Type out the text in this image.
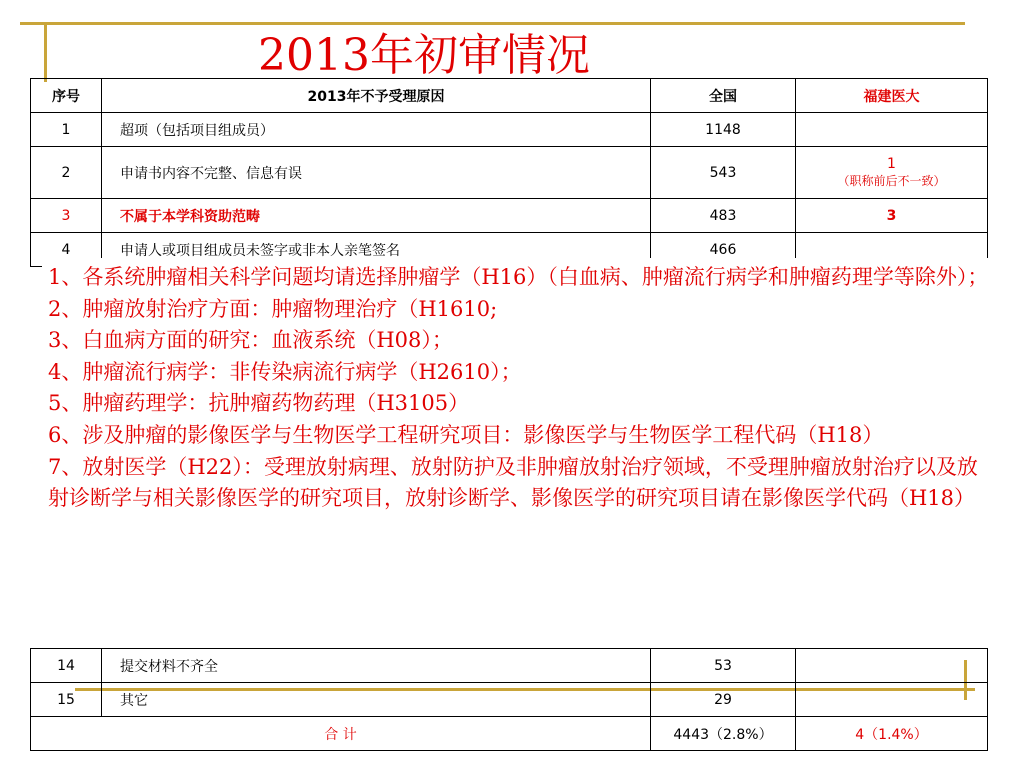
2013年初审情况
序号	2013年不予受理原因	全国	福建医大
1	超项（包括项目组成员）	1148	
2	申请书内容不完整、信息有误	543	1
（职称前后不一致）

3	不属于本学科资助范畴	483	3
4	申请人或项目组成员未签字或非本人亲笔签名	466	
14	提交材料不齐全	53	
15	其它	29	
合 计		4443（2.8%）	4（1.4%）

1、各系统肿瘤相关科学问题均请选择肿瘤学（H16）（白血病、肿瘤流行病学和肿瘤药理学等除外）；

2、肿瘤放射治疗方面：肿瘤物理治疗（H1610;

3、白血病方面的研究：血液系统（H08）；

4、肿瘤流行病学：非传染病流行病学（H2610）；

5、肿瘤药理学：抗肿瘤药物药理（H3105）

6、涉及肿瘤的影像医学与生物医学工程研究项目：影像医学与生物医学工程代码（H18）

7、放射医学（H22）：受理放射病理、放射防护及非肿瘤放射治疗领域，不受理肿瘤放射治疗以及放射诊断学与相关影像医学的研究项目，放射诊断学、影像医学的研究项目请在影像医学代码（H18）
